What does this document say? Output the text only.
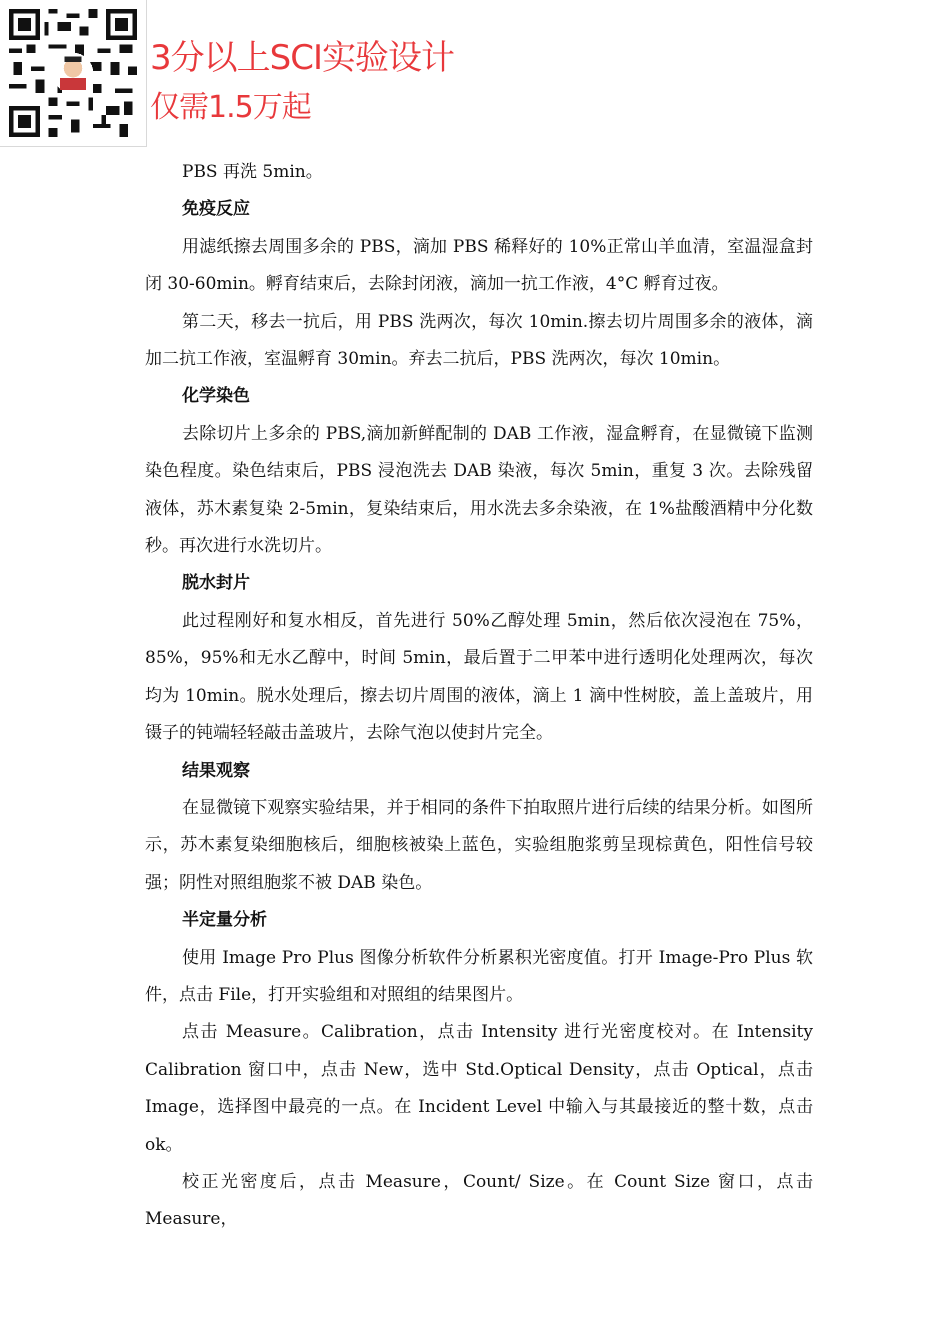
3分以上SCI实验设计
仅需1.5万起

PBS 再洗 5min。

免疫反应

用滤纸擦去周围多余的 PBS，滴加 PBS 稀释好的 10%正常山羊血清，室温湿盒封闭 30-60min。孵育结束后，去除封闭液，滴加一抗工作液，4°C 孵育过夜。

第二天，移去一抗后，用 PBS 洗两次，每次 10min.擦去切片周围多余的液体，滴加二抗工作液，室温孵育 30min。弃去二抗后，PBS 洗两次，每次 10min。

化学染色

去除切片上多余的 PBS,滴加新鲜配制的 DAB 工作液，湿盒孵育，在显微镜下监测染色程度。染色结束后，PBS 浸泡洗去 DAB 染液，每次 5min，重复 3 次。去除残留液体，苏木素复染 2-5min，复染结束后，用水洗去多余染液，在 1%盐酸酒精中分化数秒。再次进行水洗切片。

脱水封片

此过程刚好和复水相反，首先进行 50%乙醇处理 5min，然后依次浸泡在 75%，85%，95%和无水乙醇中，时间 5min，最后置于二甲苯中进行透明化处理两次，每次均为 10min。脱水处理后，擦去切片周围的液体，滴上 1 滴中性树胶，盖上盖玻片，用镊子的钝端轻轻敲击盖玻片，去除气泡以使封片完全。

结果观察

在显微镜下观察实验结果，并于相同的条件下拍取照片进行后续的结果分析。如图所示，苏木素复染细胞核后，细胞核被染上蓝色，实验组胞浆剪呈现棕黄色，阳性信号较强；阴性对照组胞浆不被 DAB 染色。

半定量分析

使用 Image Pro Plus 图像分析软件分析累积光密度值。打开 Image-Pro Plus 软件，点击 File，打开实验组和对照组的结果图片。

点击 Measure。Calibration，点击 Intensity 进行光密度校对。在 Intensity Calibration 窗口中，点击 New，选中 Std.Optical Density，点击 Optical，点击 Image，选择图中最亮的一点。在 Incident Level 中输入与其最接近的整十数，点击 ok。

校正光密度后，点击 Measure，Count/ Size。在 Count Size 窗口，点击 Measure，
